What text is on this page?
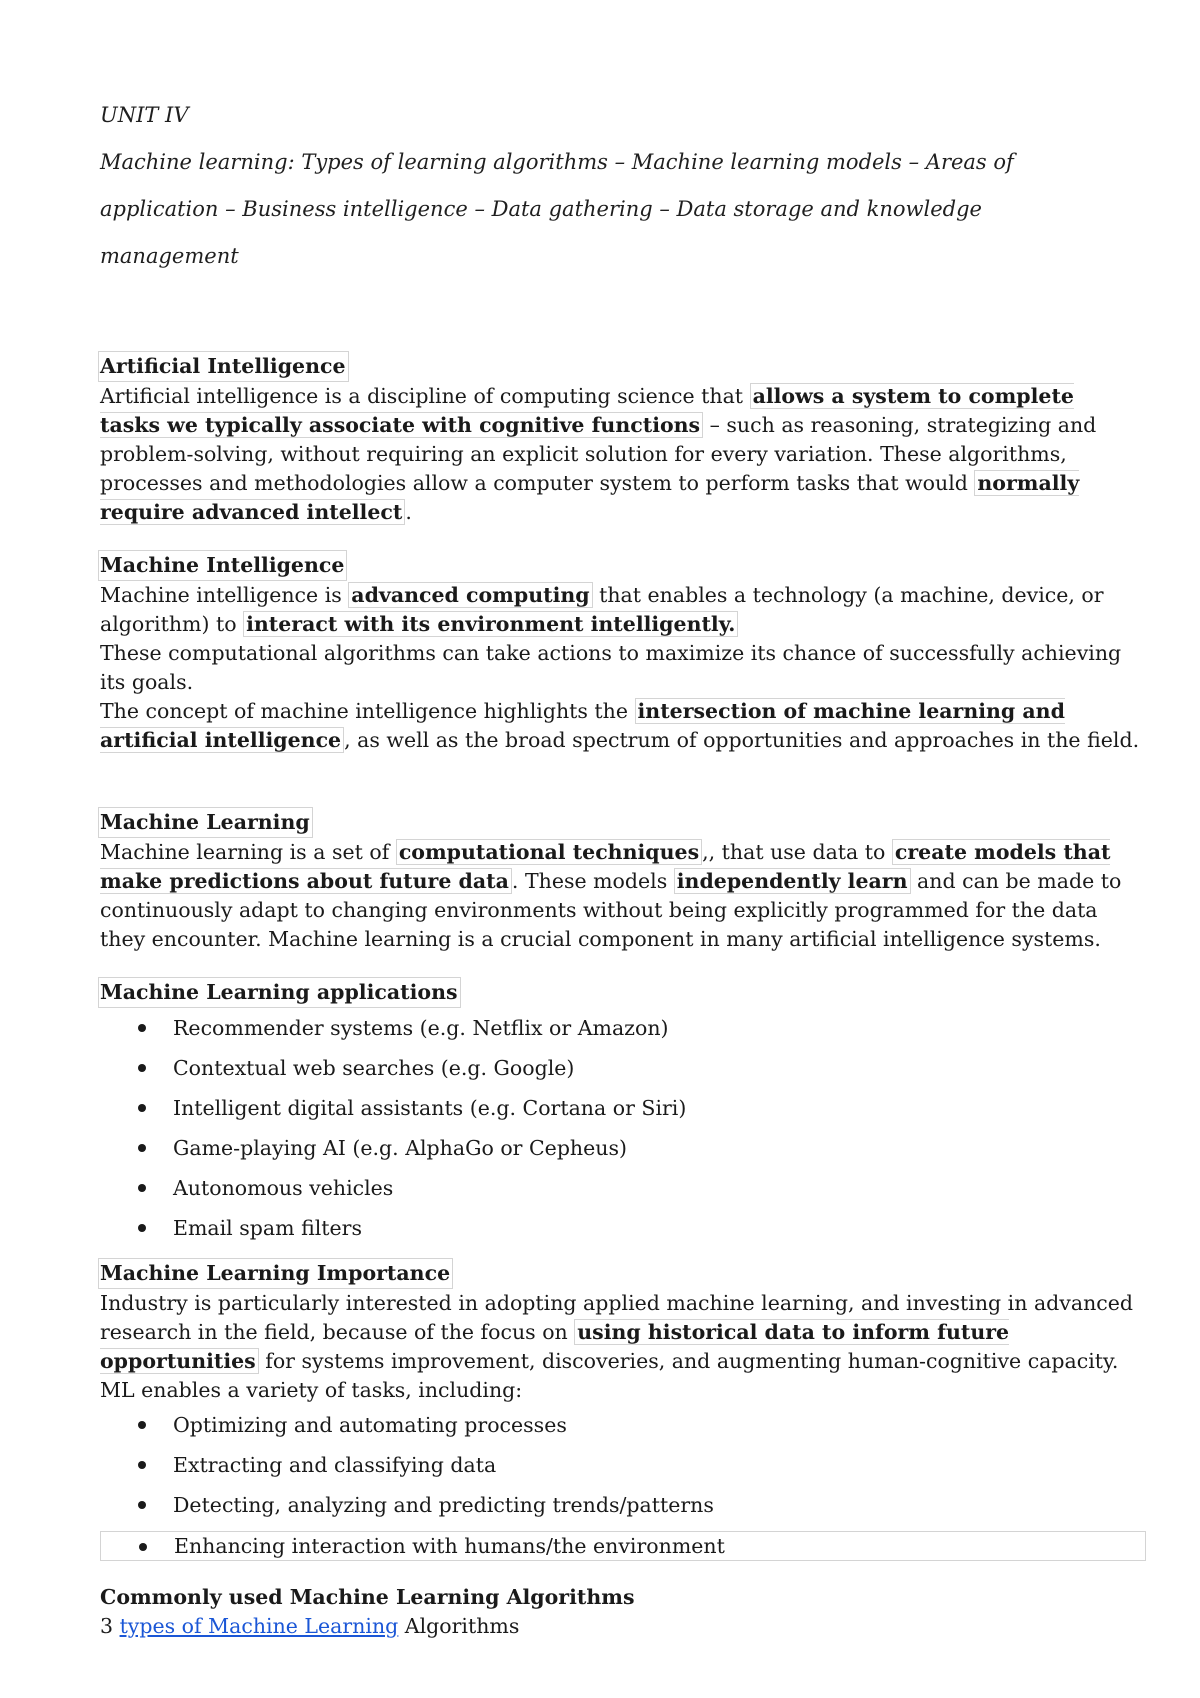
UNIT IV

Machine learning: Types of learning algorithms – Machine learning models – Areas of

application – Business intelligence – Data gathering – Data storage and knowledge

management

Artificial Intelligence

Artificial intelligence is a discipline of computing science that allows a system to complete tasks we typically associate with cognitive functions – such as reasoning, strategizing and problem-solving, without requiring an explicit solution for every variation. These algorithms, processes and methodologies allow a computer system to perform tasks that would normally require advanced intellect .

Machine Intelligence

Machine intelligence is advanced computing that enables a technology (a machine, device, or algorithm) to interact with its environment intelligently.

These computational algorithms can take actions to maximize its chance of successfully achieving its goals.

The concept of machine intelligence highlights the intersection of machine learning and artificial intelligence , as well as the broad spectrum of opportunities and approaches in the field.

Machine Learning

Machine learning is a set of computational techniques ,, that use data to create models that make predictions about future data . These models independently learn and can be made to continuously adapt to changing environments without being explicitly programmed for the data they encounter. Machine learning is a crucial component in many artificial intelligence systems.

Machine Learning applications
Recommender systems (e.g. Netflix or Amazon)
Contextual web searches (e.g. Google)
Intelligent digital assistants (e.g. Cortana or Siri)
Game-playing AI (e.g. AlphaGo or Cepheus)
Autonomous vehicles
Email spam filters
Machine Learning Importance

Industry is particularly interested in adopting applied machine learning, and investing in advanced research in the field, because of the focus on using historical data to inform future opportunities for systems improvement, discoveries, and augmenting human-cognitive capacity. ML enables a variety of tasks, including:

Optimizing and automating processes
Extracting and classifying data
Detecting, analyzing and predicting trends/patterns
Enhancing interaction with humans/the environment
Commonly used Machine Learning Algorithms

3 types of Machine Learning Algorithms
